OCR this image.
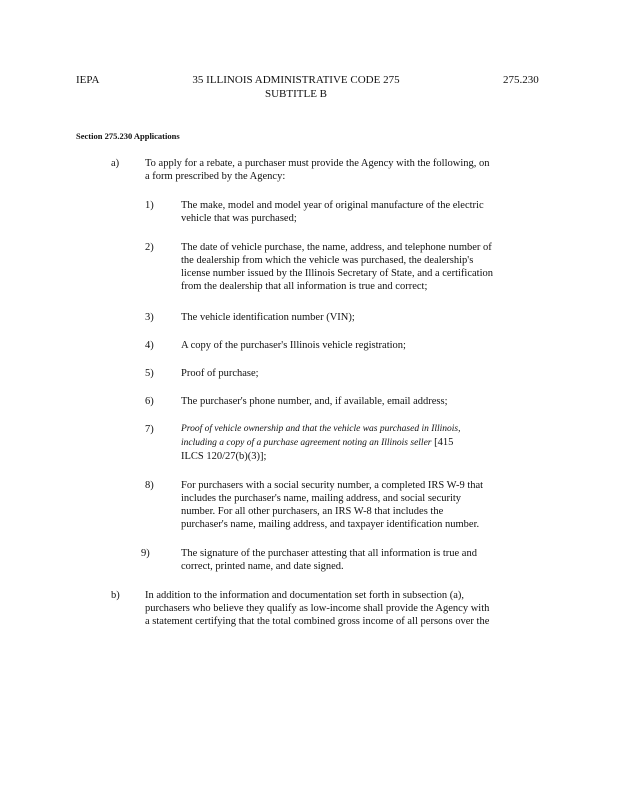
IEPA	35 ILLINOIS ADMINISTRATIVE CODE 275
SUBTITLE B
275.230
Section 275.230 Applications
a) To apply for a rebate, a purchaser must provide the Agency with the following, on
a form prescribed by the Agency:
1)	The make, model and model year of original manufacture of the electric
vehicle that was purchased;
2)	The date of vehicle purchase, the name, address, and telephone number of
the dealership from which the vehicle was purchased, the dealership's
license number issued by the Illinois Secretary of State, and a certification
from the dealership that all information is true and correct;
3)	The vehicle identification number (VIN);
4)	A copy of the purchaser's Illinois vehicle registration;
5)	Proof of purchase;
6)	The purchaser's phone number, and, if available, email address;
7)	Proof of vehicle ownership and that the vehicle was purchased in Illinois,
including a copy of a purchase agreement noting an Illinois seller [415
ILCS 120/27(b)(3)];
8)	For purchasers with a social security number, a completed IRS W-9 that
includes the purchaser's name, mailing address, and social security
number. For all other purchasers, an IRS W-8 that includes the
purchaser's name, mailing address, and taxpayer identification number.
9)	The signature of the purchaser attesting that all information is true and
correct, printed name, and date signed.
b) In addition to the information and documentation set forth in subsection (a),
purchasers who believe they qualify as low-income shall provide the Agency with
a statement certifying that the total combined gross income of all persons over the
